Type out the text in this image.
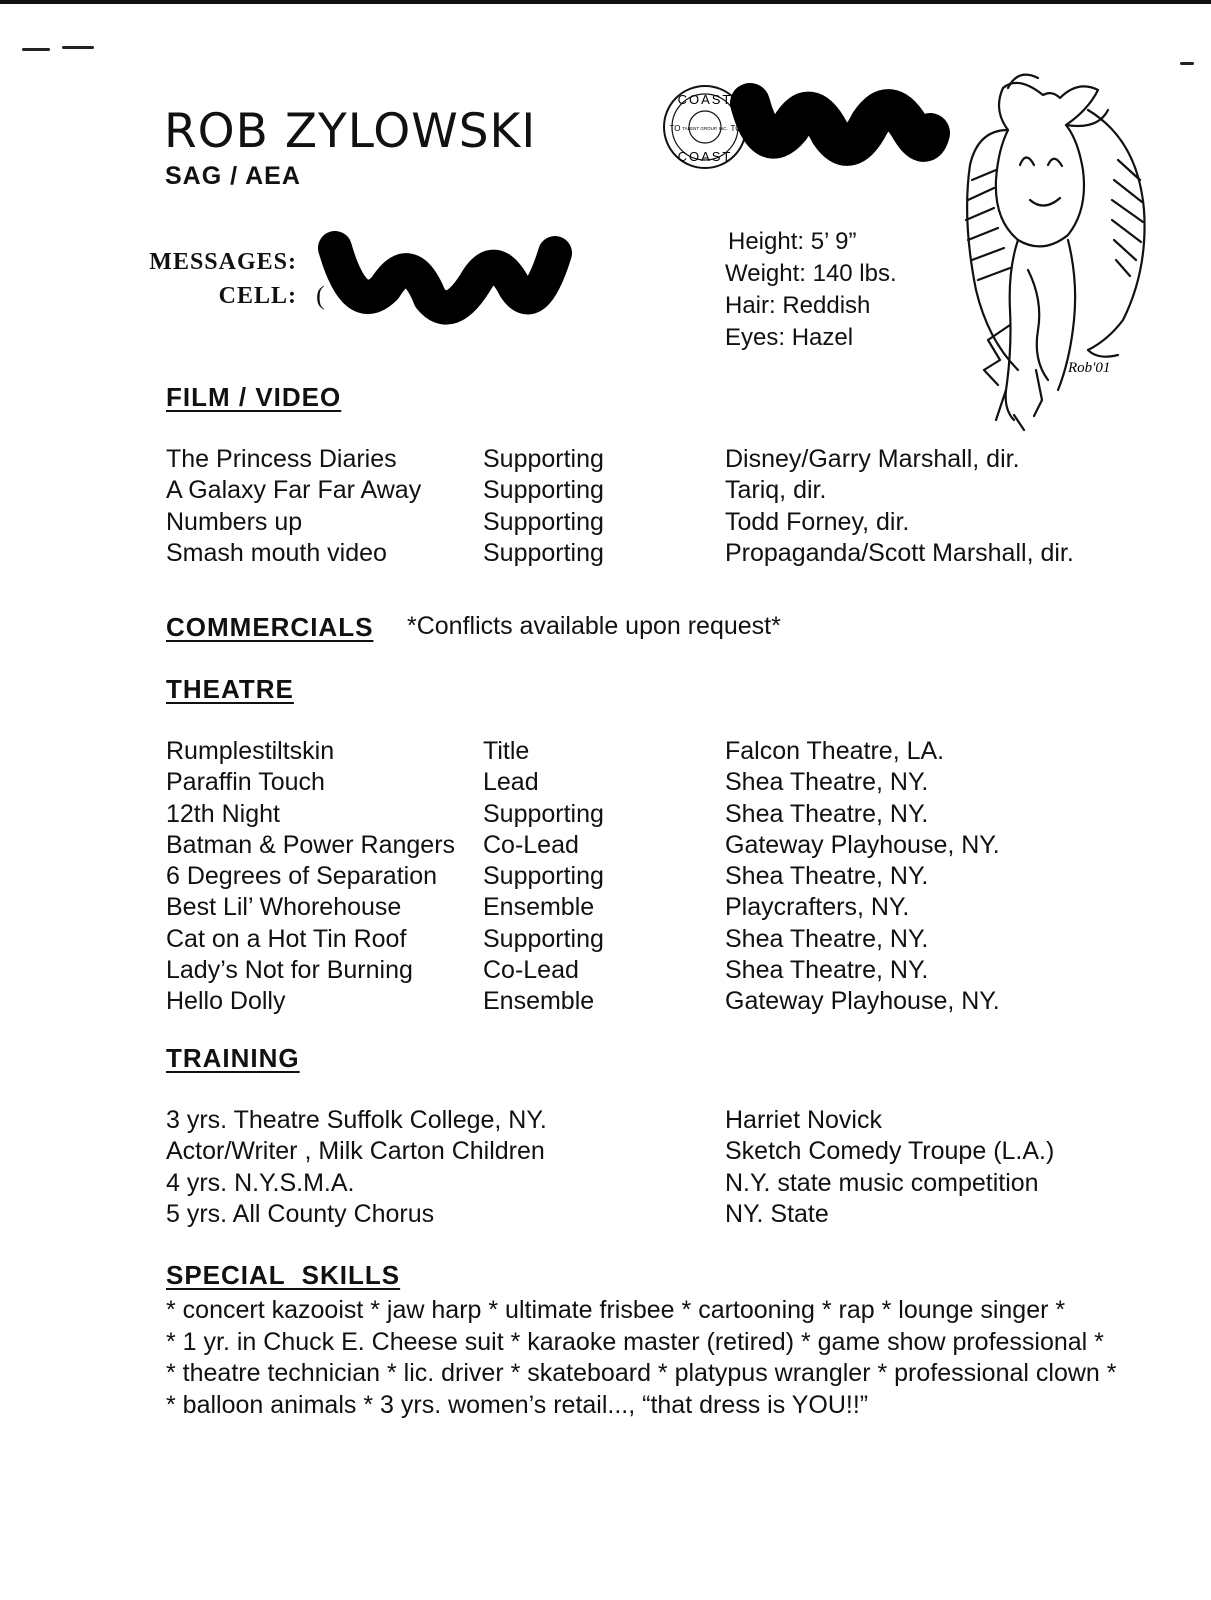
ROB ZYLOWSKI
SAG / AEA
MESSAGES:
CELL: (	8
COAST
COAST
TO	TO
TALENT GROUP, INC.
Height: 5’ 9”
Weight: 140 lbs.
Hair: Reddish
Eyes: Hazel
Rob'01
FILM / VIDEO
The Princess Diaries	Supporting	Disney/Garry Marshall, dir.
A Galaxy Far Far Away Supporting	Tariq, dir.
Numbers up	Supporting	Todd Forney, dir.
Smash mouth video	Supporting	Propaganda/Scott Marshall, dir.
COMMERCIALS *Conflicts available upon request*
THEATRE
Rumplestiltskin	Title	Falcon Theatre, LA.
Paraffin Touch	Lead	Shea Theatre, NY.
12th Night	Supporting	Shea Theatre, NY.
Batman & Power Rangers Co-Lead	Gateway Playhouse, NY.
6 Degrees of Separation Supporting	Shea Theatre, NY.
Best Lil’ Whorehouse	Ensemble	Playcrafters, NY.
Cat on a Hot Tin Roof	Supporting	Shea Theatre, NY.
Lady’s Not for Burning	Co-Lead	Shea Theatre, NY.
Hello Dolly	Ensemble	Gateway Playhouse, NY.
TRAINING
3 yrs. Theatre Suffolk College, NY.	Harriet Novick
Actor/Writer , Milk Carton Children	Sketch Comedy Troupe (L.A.)
4 yrs. N.Y.S.M.A.	N.Y. state music competition
5 yrs. All County Chorus	NY. State
SPECIAL  SKILLS
* concert kazooist * jaw harp * ultimate frisbee * cartooning * rap * lounge singer *
* 1 yr. in Chuck E. Cheese suit * karaoke master (retired) * game show professional *
* theatre technician * lic. driver * skateboard * platypus wrangler * professional clown *
* balloon animals * 3 yrs. women’s retail..., “that dress is YOU!!”
